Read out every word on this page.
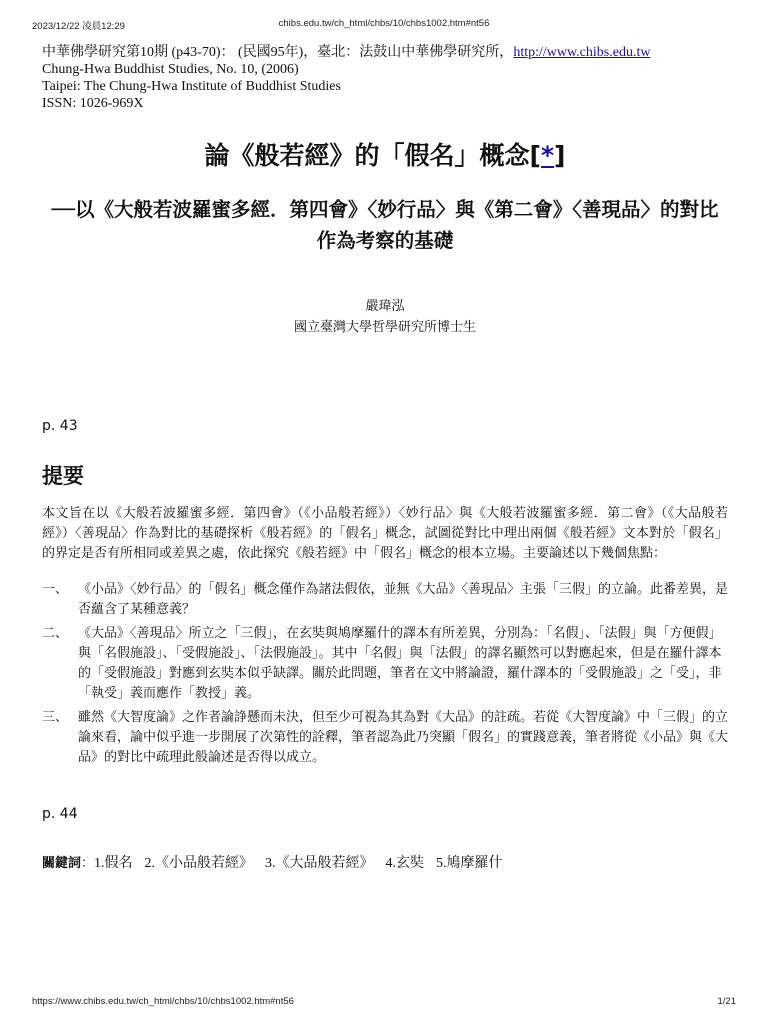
2023/12/22 凌晨12:29	chibs.edu.tw/ch_html/chbs/10/chbs1002.htm#nt56
中華佛學研究第10期 (p43-70)： (民國95年)，臺北：法鼓山中華佛學研究所，http://www.chibs.edu.tw
Chung-Hwa Buddhist Studies, No. 10, (2006)
Taipei: The Chung-Hwa Institute of Buddhist Studies
ISSN: 1026-969X
論《般若經》的「假名」概念[*]
──以《大般若波羅蜜多經．第四會》〈妙行品〉與《第二會》〈善現品〉的對比作為考察的基礎
嚴瑋泓
國立臺灣大學哲學研究所博士生
p. 43
提要
本文旨在以《大般若波羅蜜多經．第四會》（《小品般若經》）〈妙行品〉與《大般若波羅蜜多經．第二會》（《大品般若經》）〈善現品〉作為對比的基礎探析《般若經》的「假名」概念，試圖從對比中理出兩個《般若經》文本對於「假名」的界定是否有所相同或差異之處，依此探究《般若經》中「假名」概念的根本立場。主要論述以下幾個焦點：
一、 《小品》〈妙行品〉的「假名」概念僅作為諸法假依，並無《大品》〈善現品〉主張「三假」的立論。此番差異，是否蘊含了某種意義？
二、 《大品》〈善現品〉所立之「三假」，在玄奘與鳩摩羅什的譯本有所差異，分別為：「名假」、「法假」與「方便假」與「名假施設」、「受假施設」、「法假施設」。其中「名假」與「法假」的譯名顯然可以對應起來，但是在羅什譯本的「受假施設」對應到玄奘本似乎缺譯。關於此問題，筆者在文中將論證，羅什譯本的「受假施設」之「受」，非「執受」義而應作「教授」義。
三、 雖然《大智度論》之作者論諍懸而未決，但至少可視為其為對《大品》的註疏。若從《大智度論》中「三假」的立論來看，論中似乎進一步開展了次第性的詮釋，筆者認為此乃突顯「假名」的實踐意義，筆者將從《小品》與《大品》的對比中疏理此般論述是否得以成立。
p. 44
關鍵詞：1.假名 2.《小品般若經》 3.《大品般若經》 4.玄奘 5.鳩摩羅什
https://www.chibs.edu.tw/ch_html/chbs/10/chbs1002.htm#nt56	1/21
